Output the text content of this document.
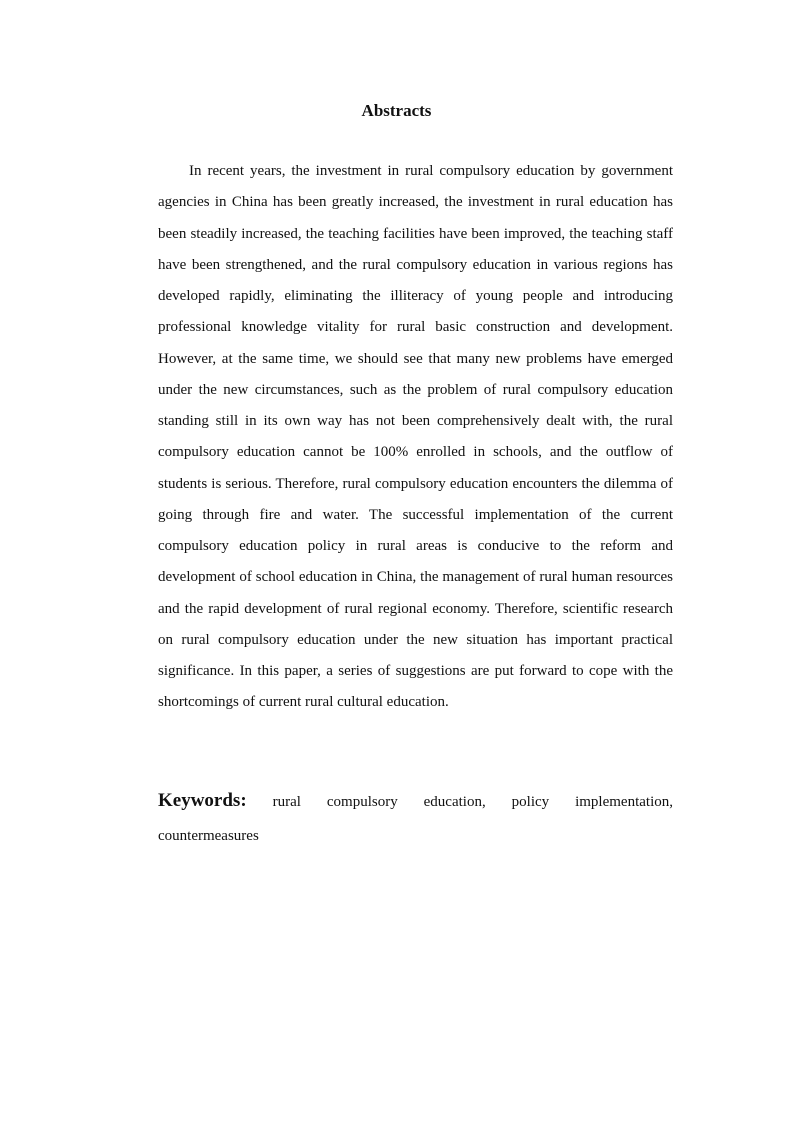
Abstracts

In recent years, the investment in rural compulsory education by government agencies in China has been greatly increased, the investment in rural education has been steadily increased, the teaching facilities have been improved, the teaching staff have been strengthened, and the rural compulsory education in various regions has developed rapidly, eliminating the illiteracy of young people and introducing professional knowledge vitality for rural basic construction and development. However, at the same time, we should see that many new problems have emerged under the new circumstances, such as the problem of rural compulsory education standing still in its own way has not been comprehensively dealt with, the rural compulsory education cannot be 100% enrolled in schools, and the outflow of students is serious. Therefore, rural compulsory education encounters the dilemma of going through fire and water. The successful implementation of the current compulsory education policy in rural areas is conducive to the reform and development of school education in China, the management of rural human resources and the rapid development of rural regional economy. Therefore, scientific research on rural compulsory education under the new situation has important practical significance. In this paper, a series of suggestions are put forward to cope with the shortcomings of current rural cultural education.

Keywords: rural compulsory education, policy implementation, countermeasures
